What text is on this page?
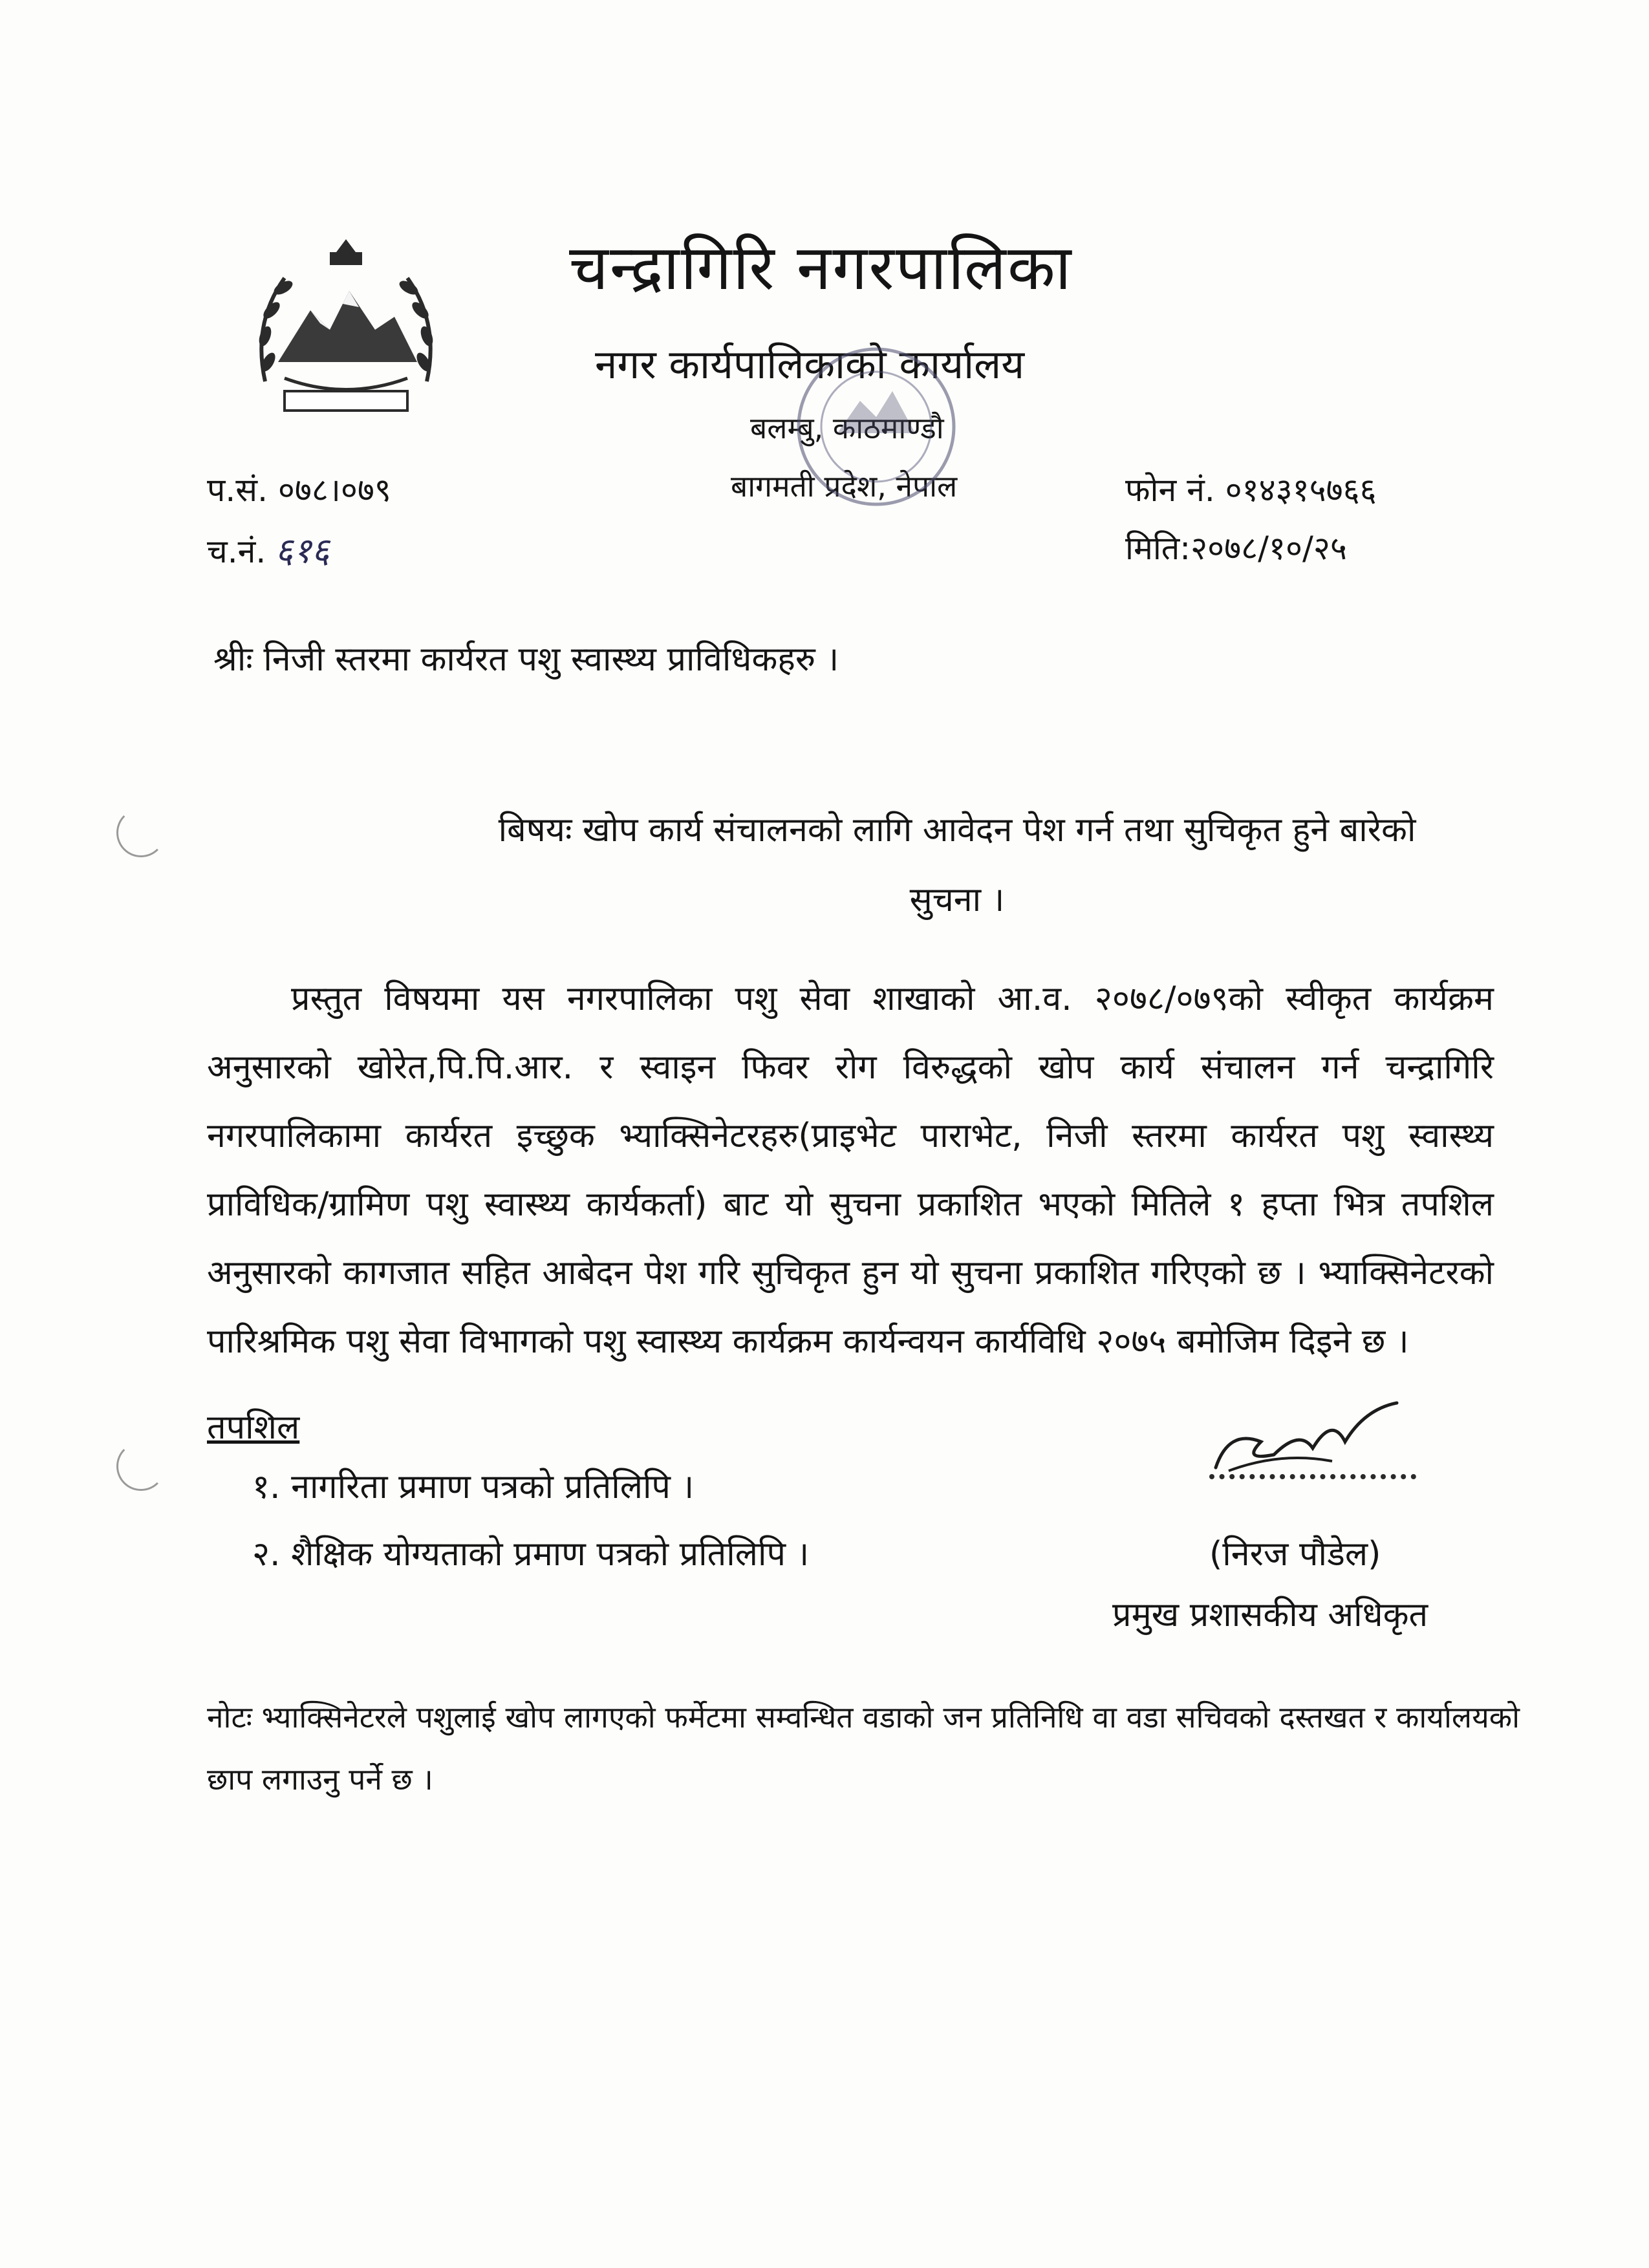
चन्द्रागिरि नगरपालिका
नगर कार्यपालिकाको कार्यालय
बलम्बु, काठमाण्डौ
बागमती प्रदेश, नेपाल
प.सं. ०७८।०७९
च.नं. ६१६
फोन नं. ०१४३१५७६६
मिति:२०७८/१०/२५
श्रीः निजी स्तरमा कार्यरत पशु स्वास्थ्य प्राविधिकहरु ।
बिषयः खोप कार्य संचालनको लागि आवेदन पेश गर्न तथा सुचिकृत हुने बारेको
सुचना ।
प्रस्तुत विषयमा यस नगरपालिका पशु सेवा शाखाको आ.व. २०७८/०७९को स्वीकृत कार्यक्रम अनुसारको खोरेत,पि.पि.आर. र स्वाइन फिवर रोग विरुद्धको खोप कार्य संचालन गर्न चन्द्रागिरि नगरपालिकामा कार्यरत इच्छुक भ्याक्सिनेटरहरु(प्राइभेट पाराभेट, निजी स्तरमा कार्यरत पशु स्वास्थ्य प्राविधिक/ग्रामिण पशु स्वास्थ्य कार्यकर्ता) बाट यो सुचना प्रकाशित भएको मितिले १ हप्ता भित्र तपशिल अनुसारको कागजात सहित आबेदन पेश गरि सुचिकृत हुन यो सुचना प्रकाशित गरिएको छ । भ्याक्सिनेटरको पारिश्रमिक पशु सेवा विभागको पशु स्वास्थ्य कार्यक्रम कार्यन्वयन कार्यविधि २०७५ बमोजिम दिइने छ ।
तपशिल
१. नागरिता प्रमाण पत्रको प्रतिलिपि ।
२. शैक्षिक योग्यताको प्रमाण पत्रको प्रतिलिपि ।	(निरज पौडेल)
प्रमुख प्रशासकीय अधिकृत
नोटः भ्याक्सिनेटरले पशुलाई खोप लागएको फर्मेटमा सम्वन्धित वडाको जन प्रतिनिधि वा वडा सचिवको दस्तखत र कार्यालयको छाप लगाउनु पर्ने छ ।
